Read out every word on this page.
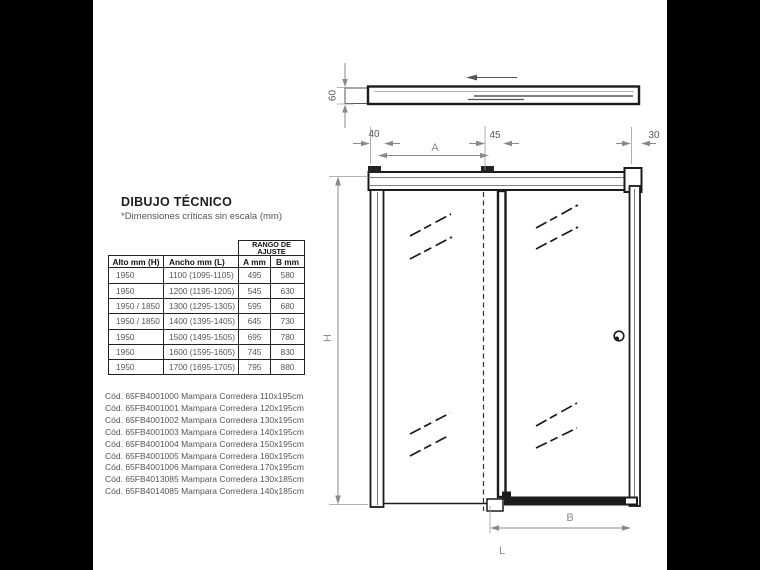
DIBUJO TÉCNICO
*Dimensiones críticas sin escala (mm)
		RANGO DE AJUSTE	
Alto mm (H)	Ancho mm (L)	A mm	B mm
1950	1100 (1095-1105)	495	580
1950	1200 (1195-1205)	545	630
1950 / 1850	1300 (1295-1305)	595	680
1950 / 1850	1400 (1395-1405)	645	730
1950	1500 (1495-1505)	695	780
1950	1600 (1595-1605)	745	830
1950	1700 (1695-1705)	795	880
Cód. 65FB4001000 Mampara Corredera 110x195cm
Cód. 65FB4001001 Mampara Corredera 120x195cm
Cód. 65FB4001002 Mampara Corredera 130x195cm
Cód. 65FB4001003 Mampara Corredera 140x195cm
Cód. 65FB4001004 Mampara Corredera 150x195cm
Cód. 65FB4001005 Mampara Corredera 160x195cm
Cód. 65FB4001006 Mampara Corredera 170x195cm
Cód. 65FB4013085 Mampara Corredera 130x185cm
Cód. 65FB4014085 Mampara Corredera 140x185cm
60
H
40
A
45	30
B
L
